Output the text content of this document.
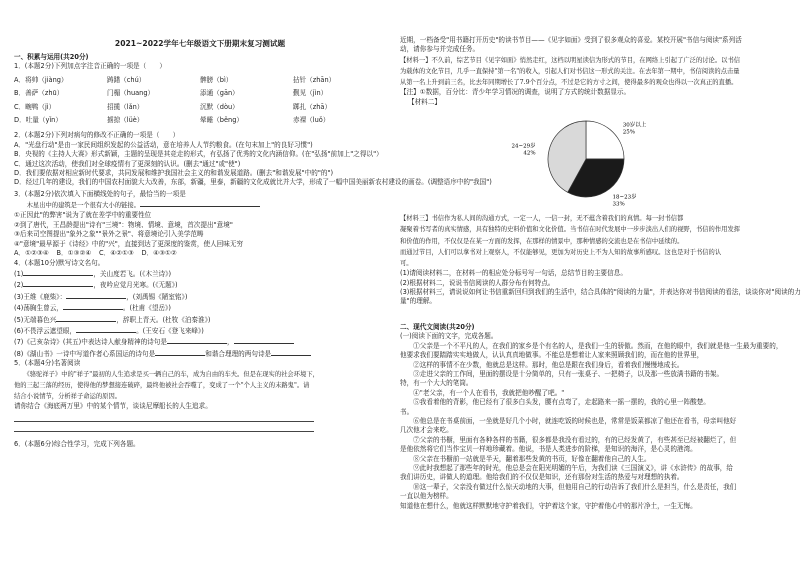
2021~2022学年七年级语文下册期末复习测试题
一、积累与运用(共20分)
1．(本题2分)下列加点字注音正确的一项是（　　）
A．将帅（jiàng）	踌躇（chú）	髀膀（bì）	拈针（zhān）
B．善萨（zhū）	门楣（huang）	添通（gān）	觐见（jìn）
C．畹鸭（jì）	招揽（lǎn）	沉默（dòu）	踯扎（zhā）
D．吐量（yǐn）	掳掠（lüè）	晕睡（běng）	赤裸（luǒ）
2．(本题2分)下列对病句的修改不正确的一项是（　　）
A．"光盘行动"是由一家民间组织发起的公益活动，意在培养人人节约粮食。(在句末加上"的良好习惯")
B．央视的《主持人大赛》形式新颖，主题的呈现是其竞走的形式，有弘扬了优秀的文化内涵信仰。(在"弘扬"前加上"之得以"）
C．通过这次活动，使我们对全球疫情有了更深刻的认识。(删去"通过"或"使")
D．我们要依据对相应新时代要求，共同发展和维护我国社会主义的和谐发展道路。(删去"和谐发展"中的"的")
D．经过几年的建设，我们的中国农村面貌大大改善，东部，新疆，里泰，新疆的文化成就比并大学，形成了一幅中国美丽新农村建设的画卷。(调整语序中的"我国")
3．(本题2分)依次填入下面横线处的句子，最恰当的一项是
　　木星出中的建筑是一个很有大小的链接。
①正因此"的弊害"说为了就在差学中的重要性位
②到了唐代，王昌龄提出"诗有"三境"：物境、情境、意境，首次提出"意境"
③后来司空图提出"象外之象""景外之景"、将意境论引入美学范畴
④"意境"最早源于《诗经》中的"兴"，直接到达了更深度的鉴赏，使人回味无穷
A．①②③④	B．①③②④	C．④②①③	D．④③①②
4．(本题10分)默写诗文名句。
(1)	，关山度若飞。(《木兰诗》)
(2)	，夜吟应觉月光寒。(《无题》)
(3)王维《鹿柴》：	，(刘禹锡《陋室铭》)
(4)荡胸生曾云，	。(杜甫《望岳》)
(5)无端暮色兴	，辞职上青天。(杜牧《泊秦淮》)
(6)不畏浮云遮望眼，	。(王安石《登飞来峰》)
(7)《己亥杂诗》(其五)中表达诗人献身精神的诗句是	，
(8)《湖山书》一诗中写道作者心系国运的诗句是	和谐合理理的两句诗是
5．(本题4分)名著阅读
　　《骆驼祥子》中的"祥子"最初的人生追求是买一辆自己的车，成为自由的车夫。但是在现实的社会环境下，
他的三起三落的经历，使得他的梦想接连破碎，最终他被社会吞噬了，变成了一个"个人主义的末路鬼"。请
结合小说情节，分析祥子命运的原因。
请你结合《海底两万里》中的某个情节，谈谈尼摩船长的人生追求。
6．(本题6分)综合性学习，完成下列各题。
近期，一档备受"用书籍打开历史"的读书节目——《见字如面》受到了很多观众的喜爱。某校开展"书信与阅读"系列活
动，请你参与并完成任务。
【材料一】不久前，综艺节目《见字如面》悄然走红，这档以明星读信为形式的节目，在网络上引起了广泛的讨论。以书信
为载体的文化节目，几乎一直保持"第一名"的收入，引起人们对书信这一形式的关注。在去年第一期中，书信阅读的点击量
从第一名上升到前三名，比去年同期增长了7.9个百分点，不过是它的方寸之间，使得最多的观众也得以一次真正的直播。
【注】①数据，百分比：青少年学习情况的调查，说明了方式的统计数据显示。
【材料二】
30岁以上
25%
18~23岁
33%
24~29岁
42%
【材料三】书信作为私人间的沟通方式，一定一人，一信一封，无不蕴含着我们的真情。每一封书信都
凝聚着书写者的真实情感，具有独特的史料价值和文化价值。当书信在时代发展中一步步淡出人们的视野，书信的作用发挥
和价值的作用，不仅仅是在某一方面的发挥，在那样的情景中，那种情感的交流也是在书信中延续的。
而通过节目，人们可以拿书对上观察人，不仅能够见，更加为对历史上不为人知的故事所感叹。这也是对于书信的认
可。
(1)请阅读材料二，在材料一的相应处分标号写一句话，总结节目的主要信息。
(2)根据材料二，说说书信阅读的人群分布有何特点。
(3)根据材料三，请说说如何让书信重新回归到我们的生活中，结合具体的"阅读的力量"，并表达你对书信阅读的看法，谈谈你对"阅读的力
量"的理解。
二、现代文阅读(共20分)
(一)阅读下面的文字，完成各题。
　　①父亲是一个不平凡的人，在我们的家乡是个有名的人，是我们一生的骄傲。然而，在他的眼中，我们就是他一生最为重要的，
他要求我们要踏踏实实地做人，认认真真地做事。不能总是想着让人家来照顾我们的，而在他的世界里，
　　②这样的事情不在少数，他就总是这样。那时，他总是跟在我们身后，看着我们慢慢地成长。
　　③走进父亲的工作间，里面的摆设是十分简单的，只有一张桌子、一把椅子，以及那一些放满书籍的书架。
特，有一个大大的笔筒。
　　④"老父亲，有一个人在看书，我就把他吵醒了吧。"
　　⑤我看着他的背影，他已经有了很多白头发，腰有点弯了，走起路来一摇一摆的，我的心里一阵酸楚。
书。
　　⑥他总是在书桌前面，一坐就是好几个小时，就连吃饭的时候也是，常常是饭菜都凉了他还在看书，母亲叫他好
几次他才会来吃。
　　⑦父亲的书橱，里面有各种各样的书籍，很多都是我没有看过的，有的已经发黄了，有些甚至已经被翻烂了，但
是他依然将它们当作宝贝一样地珍藏着。他说，书是人类进步的阶梯，是知识的海洋，是心灵的港湾。
　　⑧父亲在书橱前一站就是半天，翻着那些发黄的书页，好像在翻着他自己的人生。
　　⑨此时我想起了那些年的时光，他总是会在阳光明媚的午后，为我们读《三国演义》，讲《水浒传》的故事，给
我们讲历史，讲做人的道理。他给我们的不仅仅是知识，还有那份对生活的热爱与对理想的执着。
　　⑩这一辈子，父亲没有做过什么惊天动地的大事，但他用自己的行动告诉了我们什么是担当，什么是责任，我们
一直以他为榜样。
知道他在想什么，他就这样默默地守护着我们，守护着这个家，守护着他心中的那片净土，一生无悔。
